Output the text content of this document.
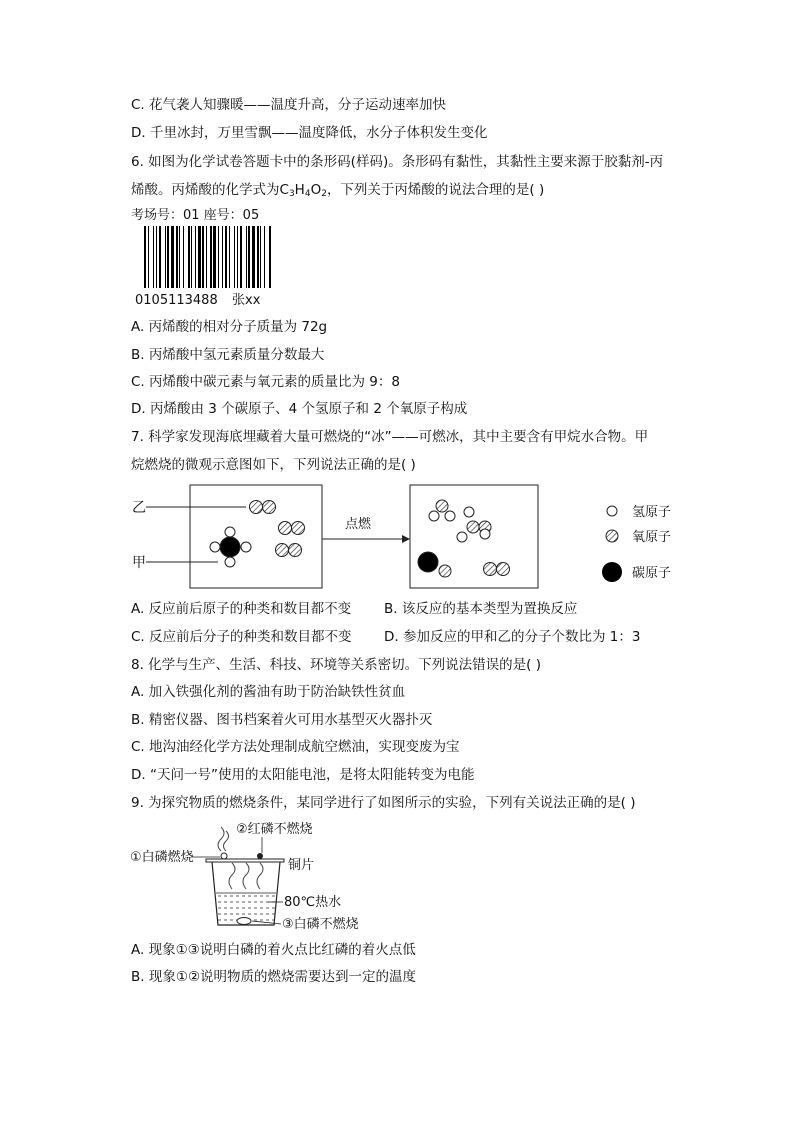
C. 花气袭人知骤暖——温度升高，分子运动速率加快
D. 千里冰封，万里雪飘——温度降低，水分子体积发生变化
6. 如图为化学试卷答题卡中的条形码(样码)。条形码有黏性，其黏性主要来源于胶黏剂-丙
烯酸。丙烯酸的化学式为$C_3H_4O_2$，下列关于丙烯酸的说法合理的是( )
考场号：01 座号：05
0105113488 张xx
A. 丙烯酸的相对分子质量为 72g
B. 丙烯酸中氢元素质量分数最大
C. 丙烯酸中碳元素与氧元素的质量比为 9：8
D. 丙烯酸由 3 个碳原子、4 个氢原子和 2 个氧原子构成
7. 科学家发现海底埋藏着大量可燃烧的“冰”——可燃冰，其中主要含有甲烷水合物。甲
烷燃烧的微观示意图如下，下列说法正确的是( )
乙
甲
点燃
氢原子
氧原子
碳原子
A. 反应前后原子的种类和数目都不变 B. 该反应的基本类型为置换反应
C. 反应前后分子的种类和数目都不变 D. 参加反应的甲和乙的分子个数比为 1：3
8. 化学与生产、生活、科技、环境等关系密切。下列说法错误的是( )
A. 加入铁强化剂的酱油有助于防治缺铁性贫血
B. 精密仪器、图书档案着火可用水基型灭火器扑灭
C. 地沟油经化学方法处理制成航空燃油，实现变废为宝
D. “天问一号”使用的太阳能电池，是将太阳能转变为电能
9. 为探究物质的燃烧条件，某同学进行了如图所示的实验，下列有关说法正确的是( )
②红磷不燃烧
①白磷燃烧
铜片
80℃热水
③白磷不燃烧
A. 现象①③说明白磷的着火点比红磷的着火点低
B. 现象①②说明物质的燃烧需要达到一定的温度
